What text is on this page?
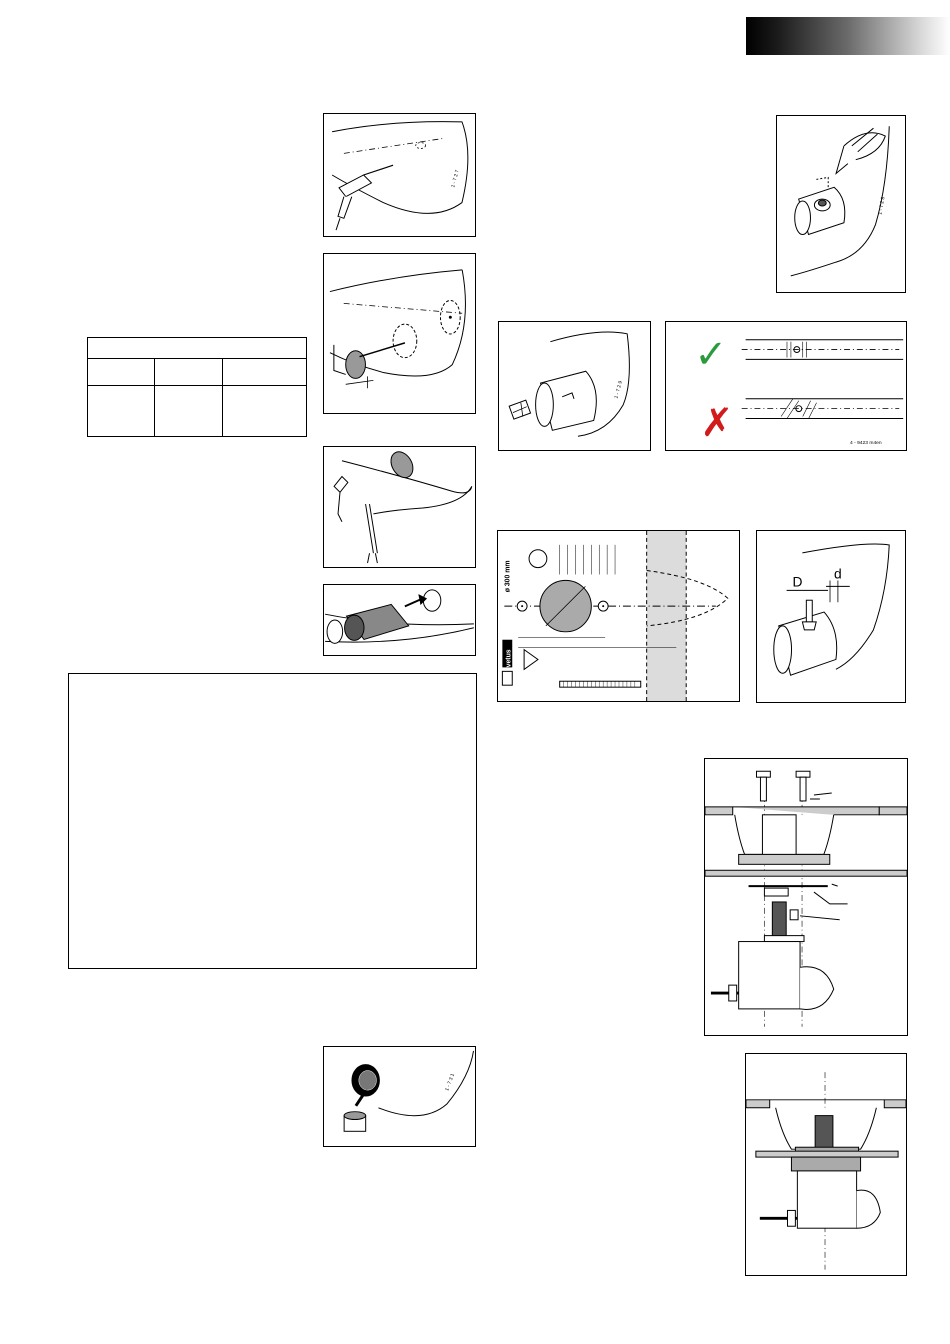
1 - 7 2 7

1 - 7 3 1
1 - 7 2 8
1 - 7 2 9
✓
✗	4 - 9423 m4en
ø 300 mm
vetus
D d
